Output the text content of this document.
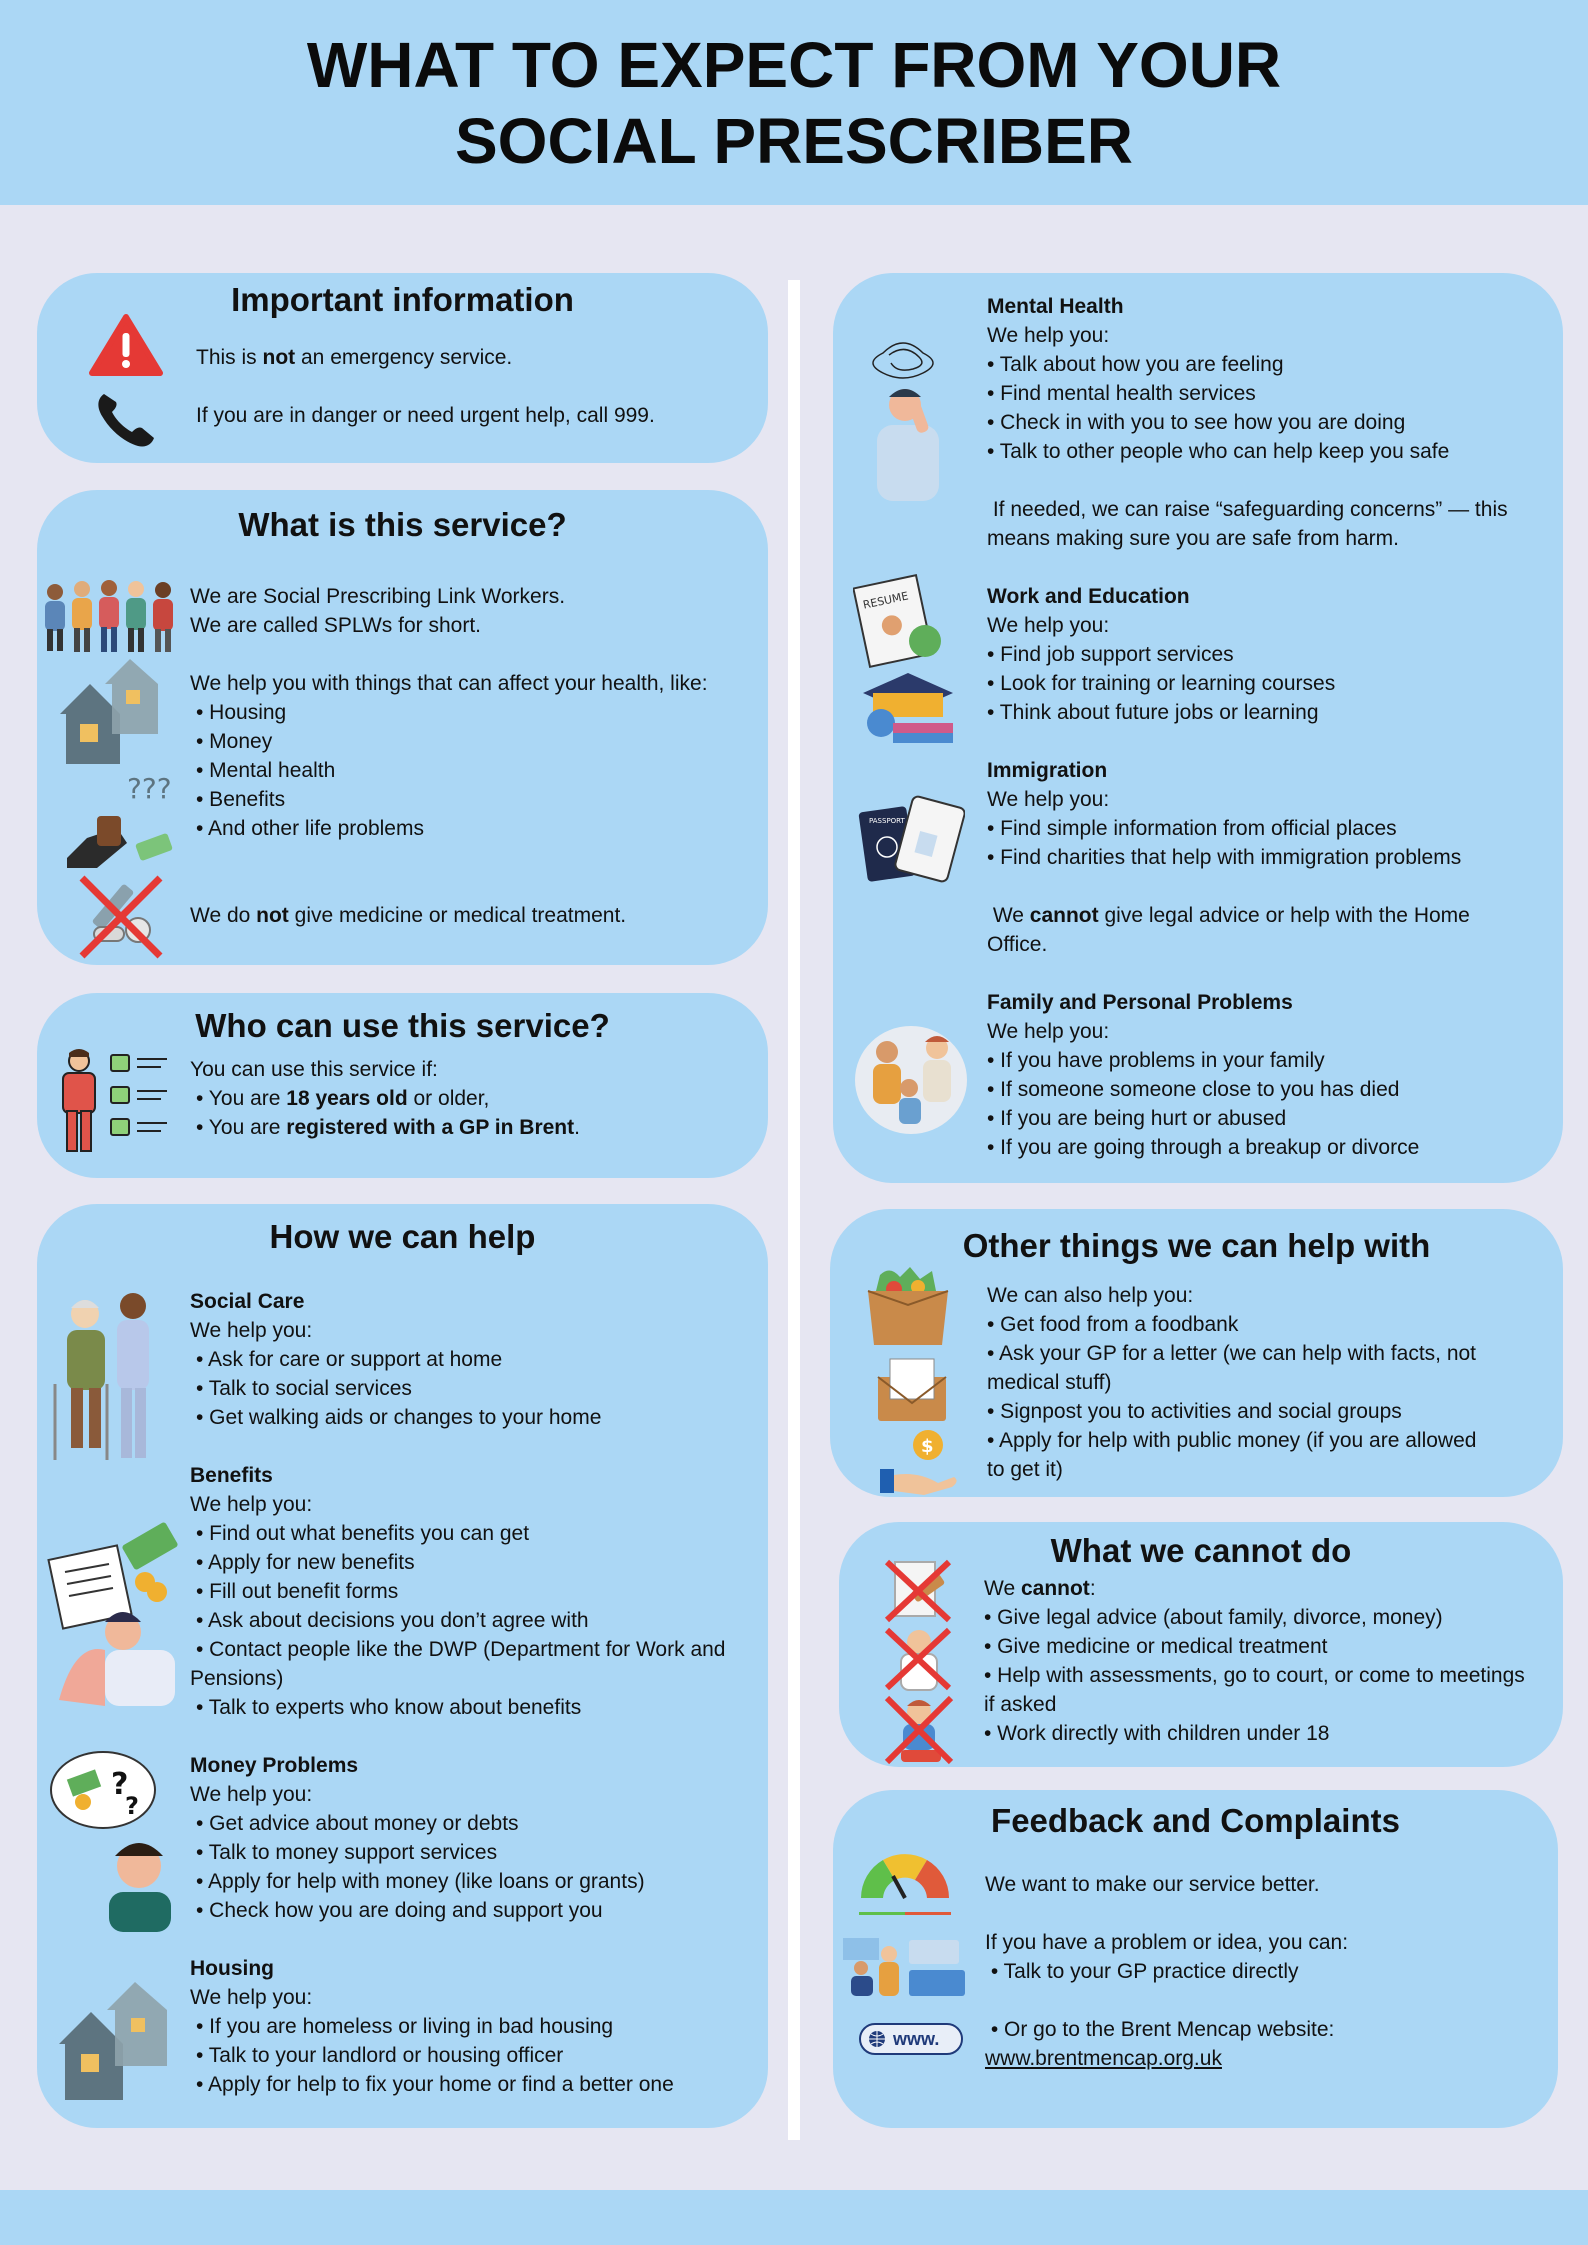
WHAT TO EXPECT FROM YOUR
SOCIAL PRESCRIBER
Important information
This is not an emergency service.
If you are in danger or need urgent help, call 999.
What is this service?
???
We are Social Prescribing Link Workers.
We are called SPLWs for short.
We help you with things that can affect your health, like:
• Housing
• Money
• Mental health
• Benefits
• And other life problems
We do not give medicine or medical treatment.
Who can use this service?
You can use this service if:
• You are 18 years old or older,
• You are registered with a GP in Brent.
How we can help
?
?
Social Care
We help you:
• Ask for care or support at home
• Talk to social services
• Get walking aids or changes to your home
Benefits
We help you:
• Find out what benefits you can get
• Apply for new benefits
• Fill out benefit forms
• Ask about decisions you don’t agree with
• Contact people like the DWP (Department for Work and
Pensions)
• Talk to experts who know about benefits
Money Problems
We help you:
• Get advice about money or debts
• Talk to money support services
• Apply for help with money (like loans or grants)
• Check how you are doing and support you
Housing
We help you:
• If you are homeless or living in bad housing
• Talk to your landlord or housing officer
• Apply for help to fix your home or find a better one
RESUME
PASSPORT
Mental Health
We help you:
• Talk about how you are feeling
• Find mental health services
• Check in with you to see how you are doing
• Talk to other people who can help keep you safe
If needed, we can raise “safeguarding concerns” — this
means making sure you are safe from harm.
Work and Education
We help you:
• Find job support services
• Look for training or learning courses
• Think about future jobs or learning
Immigration
We help you:
• Find simple information from official places
• Find charities that help with immigration problems
We cannot give legal advice or help with the Home
Office.
Family and Personal Problems
We help you:
• If you have problems in your family
• If someone someone close to you has died
• If you are being hurt or abused
• If you are going through a breakup or divorce
Other things we can help with
$
We can also help you:
• Get food from a foodbank
• Ask your GP for a letter (we can help with facts, not
medical stuff)
• Signpost you to activities and social groups
• Apply for help with public money (if you are allowed
to get it)
What we cannot do
We cannot:
• Give legal advice (about family, divorce, money)
• Give medicine or medical treatment
• Help with assessments, go to court, or come to meetings
if asked
• Work directly with children under 18
Feedback and Complaints
www.
We want to make our service better.
If you have a problem or idea, you can:
• Talk to your GP practice directly
• Or go to the Brent Mencap website:
www.brentmencap.org.uk
